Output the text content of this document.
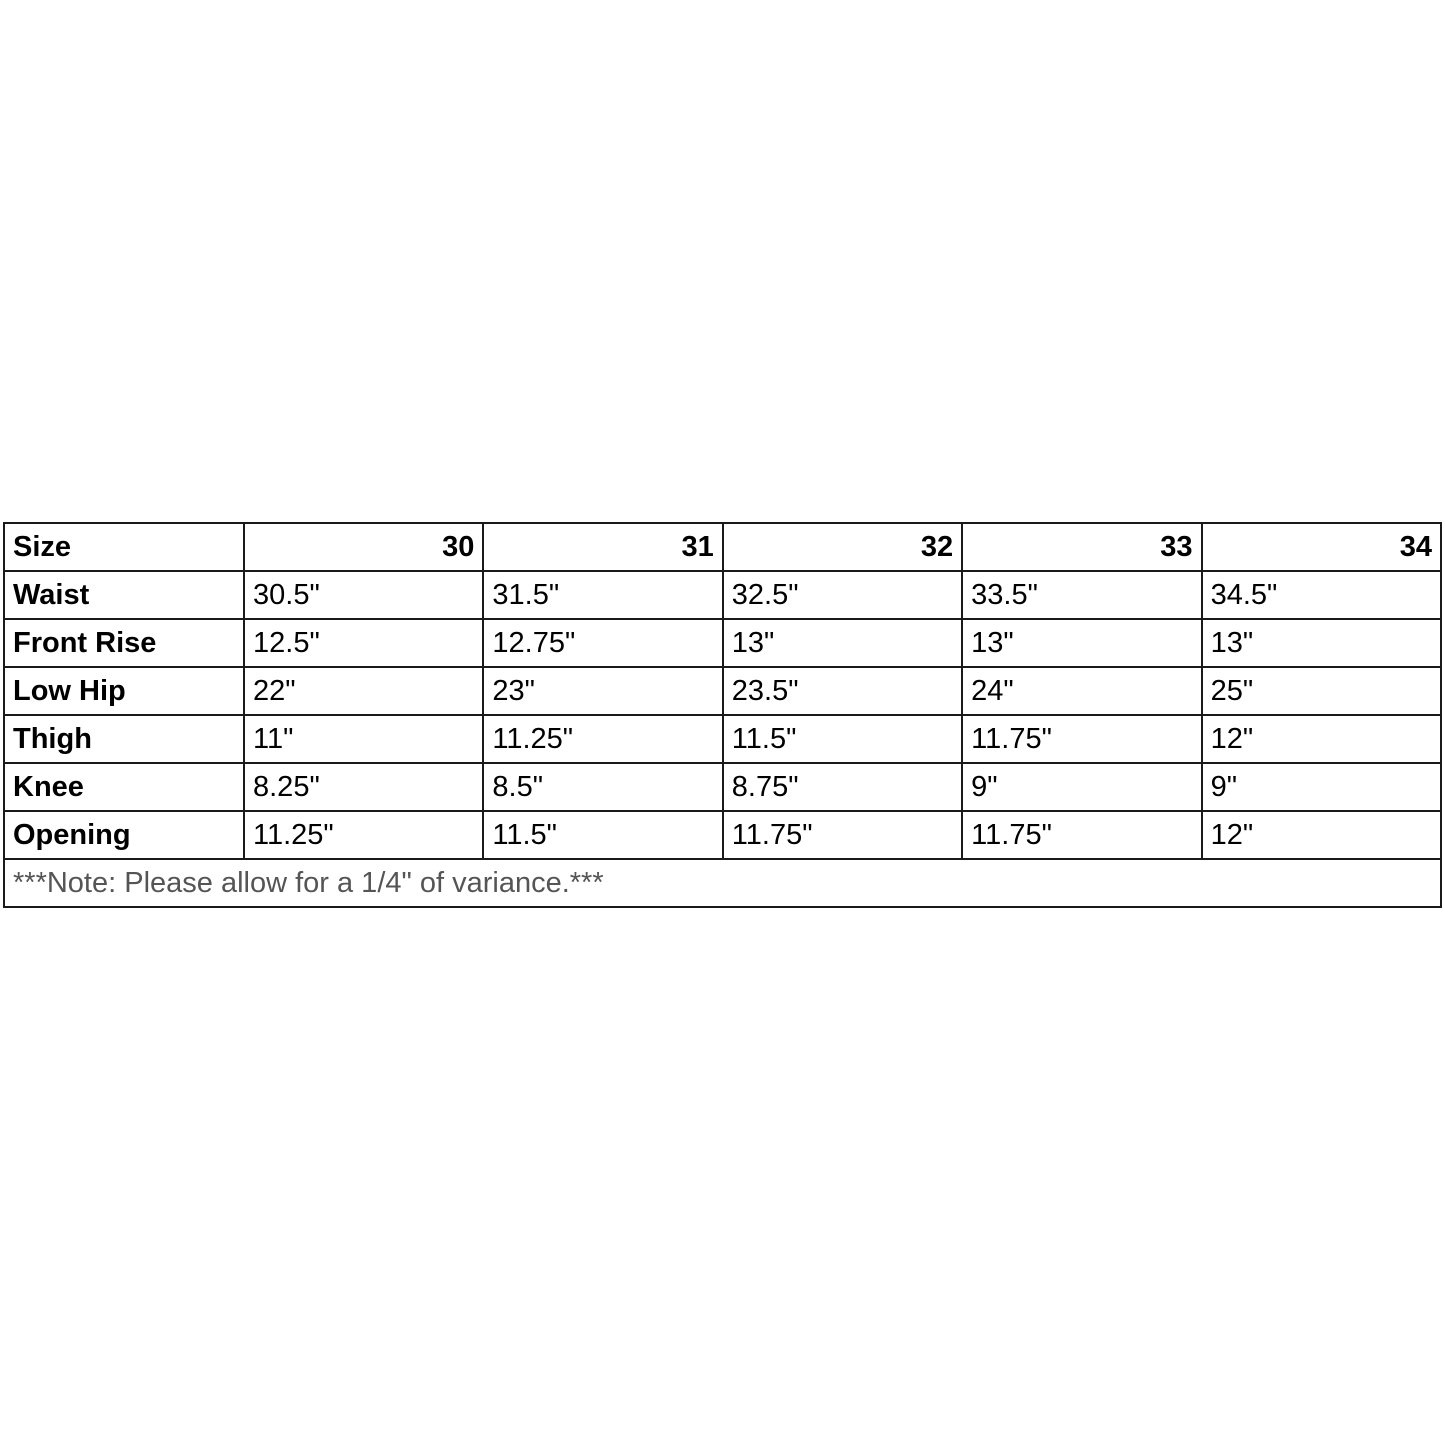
Size	30	31	32	33	34
Waist	30.5"	31.5"	32.5"	33.5"	34.5"
Front Rise	12.5"	12.75"	13"	13"	13"
Low Hip	22"	23"	23.5"	24"	25"
Thigh	11"	11.25"	11.5"	11.75"	12"
Knee	8.25"	8.5"	8.75"	9"	9"
Opening	11.25"	11.5"	11.75"	11.75"	12"
***Note: Please allow for a 1/4" of variance.***					
